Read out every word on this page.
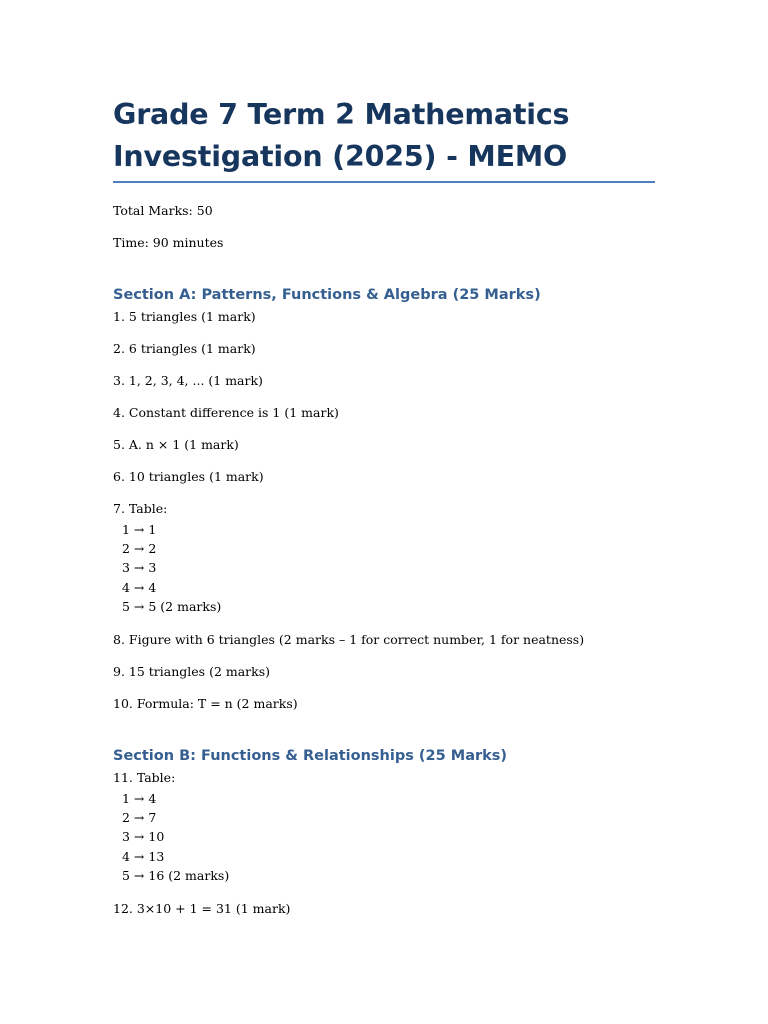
Grade 7 Term 2 Mathematics
Investigation (2025) - MEMO
Total Marks: 50
Time: 90 minutes
Section A: Patterns, Functions & Algebra (25 Marks)

1. 5 triangles (1 mark)

2. 6 triangles (1 mark)

3. 1, 2, 3, 4, ... (1 mark)

4. Constant difference is 1 (1 mark)

5. A. n × 1 (1 mark)

6. 10 triangles (1 mark)

7. Table:
1 → 1
2 → 2
3 → 3
4 → 4
5 → 5 (2 marks)

8. Figure with 6 triangles (2 marks – 1 for correct number, 1 for neatness)

9. 15 triangles (2 marks)

10. Formula: T = n (2 marks)

Section B: Functions & Relationships (25 Marks)
11. Table:
1 → 4
2 → 7
3 → 10
4 → 13
5 → 16 (2 marks)

12. 3×10 + 1 = 31 (1 mark)
